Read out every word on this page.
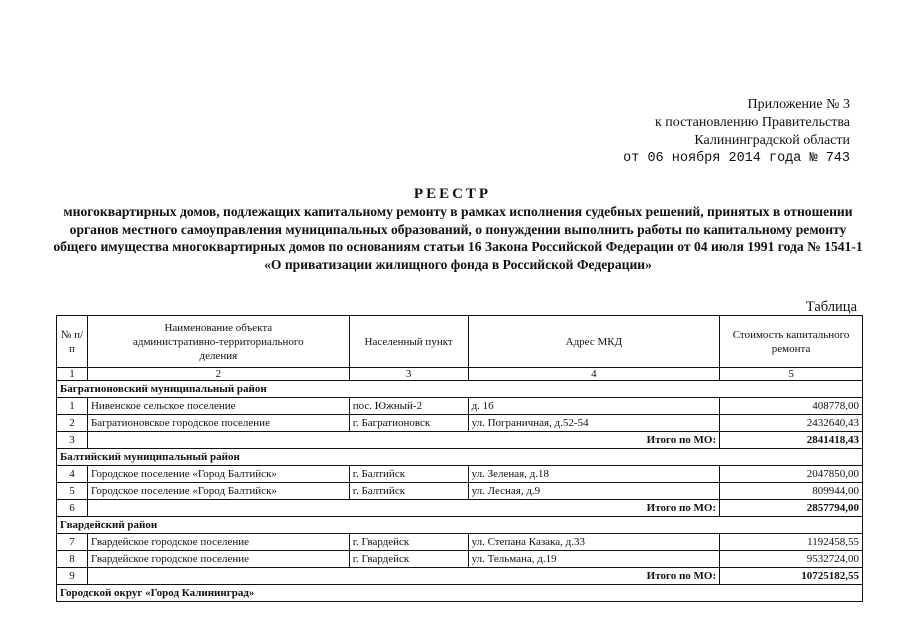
Приложение № 3
к постановлению Правительства
Калининградской области
от 06 ноября 2014 года № 743
РЕЕСТР
многоквартирных домов, подлежащих капитальному ремонту в рамках исполнения судебных решений, принятых в отношении органов местного самоуправления муниципальных образований, о понуждении выполнить работы по капитальному ремонту общего имущества многоквартирных домов по основаниям статьи 16 Закона Российской Федерации от 04 июля 1991 года № 1541-1 «О приватизации жилищного фонда в Российской Федерации»
Таблица
№ п/п	Наименование объекта административно-территориального деления	Населенный пункт	Адрес МКД	Стоимость капитального ремонта
1	2	3	4	5
Багратионовский муниципальный район				
1	Нивенское сельское поселение	пос. Южный-2	д. 16	408778,00
2	Багратионовское городское поселение	г. Багратионовск	ул. Пограничная, д.52-54	2432640,43
3	Итого по МО:			2841418,43
Балтийский муниципальный район				
4	Городское поселение «Город Балтийск»	г. Балтийск	ул. Зеленая, д.18	2047850,00
5	Городское поселение «Город Балтийск»	г. Балтийск	ул. Лесная, д.9	809944,00
6	Итого по МО:			2857794,00
Гвардейский район				
7	Гвардейское городское поселение	г. Гвардейск	ул. Степана Казака, д.33	1192458,55
8	Гвардейское городское поселение	г. Гвардейск	ул. Тельмана, д.19	9532724,00
9	Итого по МО:			10725182,55
Городской округ «Город Калининград»				
